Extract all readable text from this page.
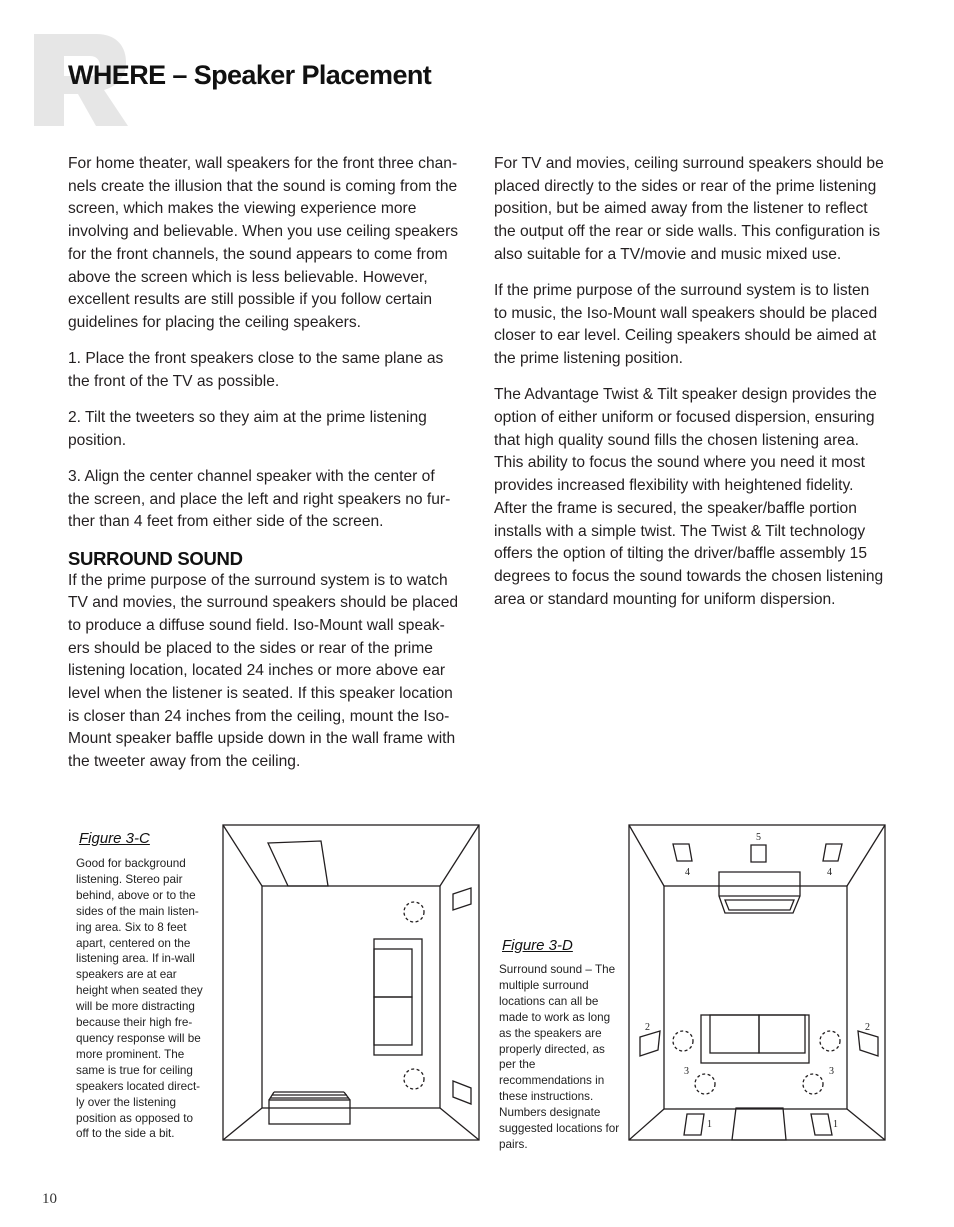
WHERE – Speaker Placement

For home theater, wall speakers for the front three chan-nels create the illusion that the sound is coming from the screen, which makes the viewing experience more involving and believable. When you use ceiling speakers for the front channels, the sound appears to come from above the screen which is less believable. However, excellent results are still possible if you follow certain guidelines for placing the ceiling speakers.

1. Place the front speakers close to the same plane as the front of the TV as possible.

2. Tilt the tweeters so they aim at the prime listening position.

3. Align the center channel speaker with the center of the screen, and place the left and right speakers no fur-ther than 4 feet from either side of the screen.

SURROUND SOUND

If the prime purpose of the surround system is to watch TV and movies, the surround speakers should be placed to produce a diffuse sound field. Iso-Mount wall speak-ers should be placed to the sides or rear of the prime listening location, located 24 inches or more above ear level when the listener is seated. If this speaker location is closer than 24 inches from the ceiling, mount the Iso-Mount speaker baffle upside down in the wall frame with the tweeter away from the ceiling.

For TV and movies, ceiling surround speakers should be placed directly to the sides or rear of the prime listening position, but be aimed away from the listener to reflect the output off the rear or side walls. This configuration is also suitable for a TV/movie and music mixed use.

If the prime purpose of the surround system is to listen to music, the Iso-Mount wall speakers should be placed closer to ear level. Ceiling speakers should be aimed at the prime listening position.

The Advantage Twist & Tilt speaker design provides the option of either uniform or focused dispersion, ensuring that high quality sound fills the chosen listening area. This ability to focus the sound where you need it most provides increased flexibility with heightened fidelity. After the frame is secured, the speaker/baffle portion installs with a simple twist. The Twist & Tilt technology offers the option of tilting the driver/baffle assembly 15 degrees to focus the sound towards the chosen listening area or standard mounting for uniform dispersion.

Figure 3-C
Good for background listening. Stereo pair behind, above or to the sides of the main listen-ing area. Six to 8 feet apart, centered on the listening area. If in-wall speakers are at ear height when seated they will be more distracting because their high fre-quency response will be more prominent. The same is true for ceiling speakers located direct-ly over the listening position as opposed to off to the side a bit.
Figure 3-D
Surround sound – The multiple surround locations can all be made to work as long as the speakers are properly directed, as per the recommendations in these instructions. Numbers designate suggested locations for pairs.
5
4	4
2	2
3	3
1	1
10
